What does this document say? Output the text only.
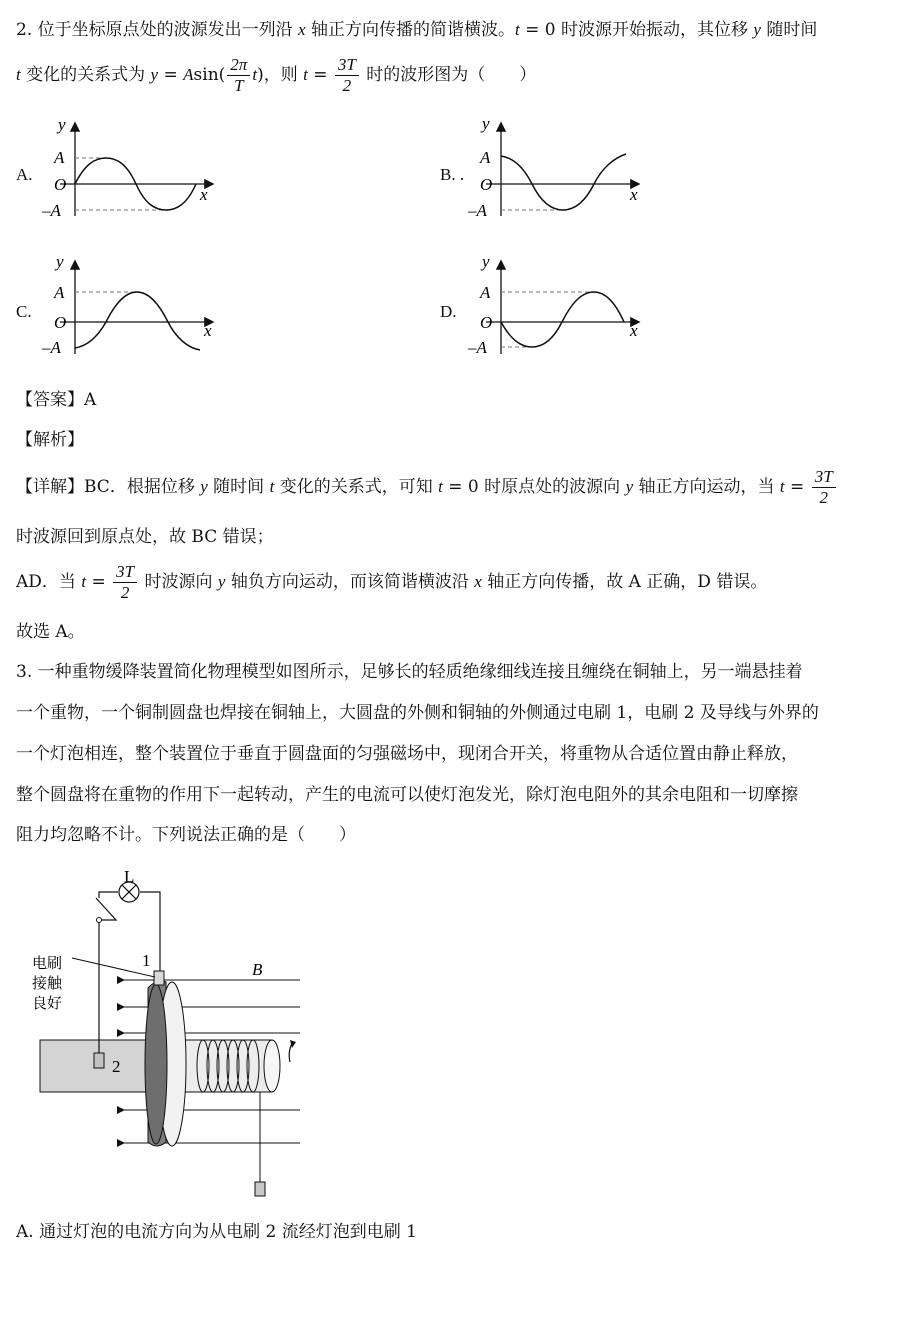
2. 位于坐标原点处的波源发出一列沿 x 轴正方向传播的简谐横波。t = 0 时波源开始振动，其位移 y 随时间
t 变化的关系式为 $y = Asin( \frac{2\pi}{T} t)$，则 $t = \frac{3T}{2}$ 时的波形图为（　　）
A.
y
A
O
–A
x
B. .
y
A
O
–A
x
C.
y
A
O
–A
x
D.
y
A
O
–A
x
【答案】A
【解析】
【详解】BC．根据位移 y 随时间 t 变化的关系式，可知 t = 0 时原点处的波源向 y 轴正方向运动，当 $t = \frac{3T}{2}$
时波源回到原点处，故 BC 错误；
AD．当 $t = \frac{3T}{2}$ 时波源向 y 轴负方向运动，而该简谐横波沿 x 轴正方向传播，故 A 正确，D 错误。
故选 A。
3. 一种重物缓降装置简化物理模型如图所示，足够长的轻质绝缘细线连接且缠绕在铜轴上，另一端悬挂着
一个重物，一个铜制圆盘也焊接在铜轴上，大圆盘的外侧和铜轴的外侧通过电刷 1，电刷 2 及导线与外界的
一个灯泡相连，整个装置位于垂直于圆盘面的匀强磁场中，现闭合开关，将重物从合适位置由静止释放，
整个圆盘将在重物的作用下一起转动，产生的电流可以使灯泡发光，除灯泡电阻外的其余电阻和一切摩擦
阻力均忽略不计。下列说法正确的是（　　）
L
1
2
B
电刷
接触
良好
A. 通过灯泡的电流方向为从电刷 2 流经灯泡到电刷 1
